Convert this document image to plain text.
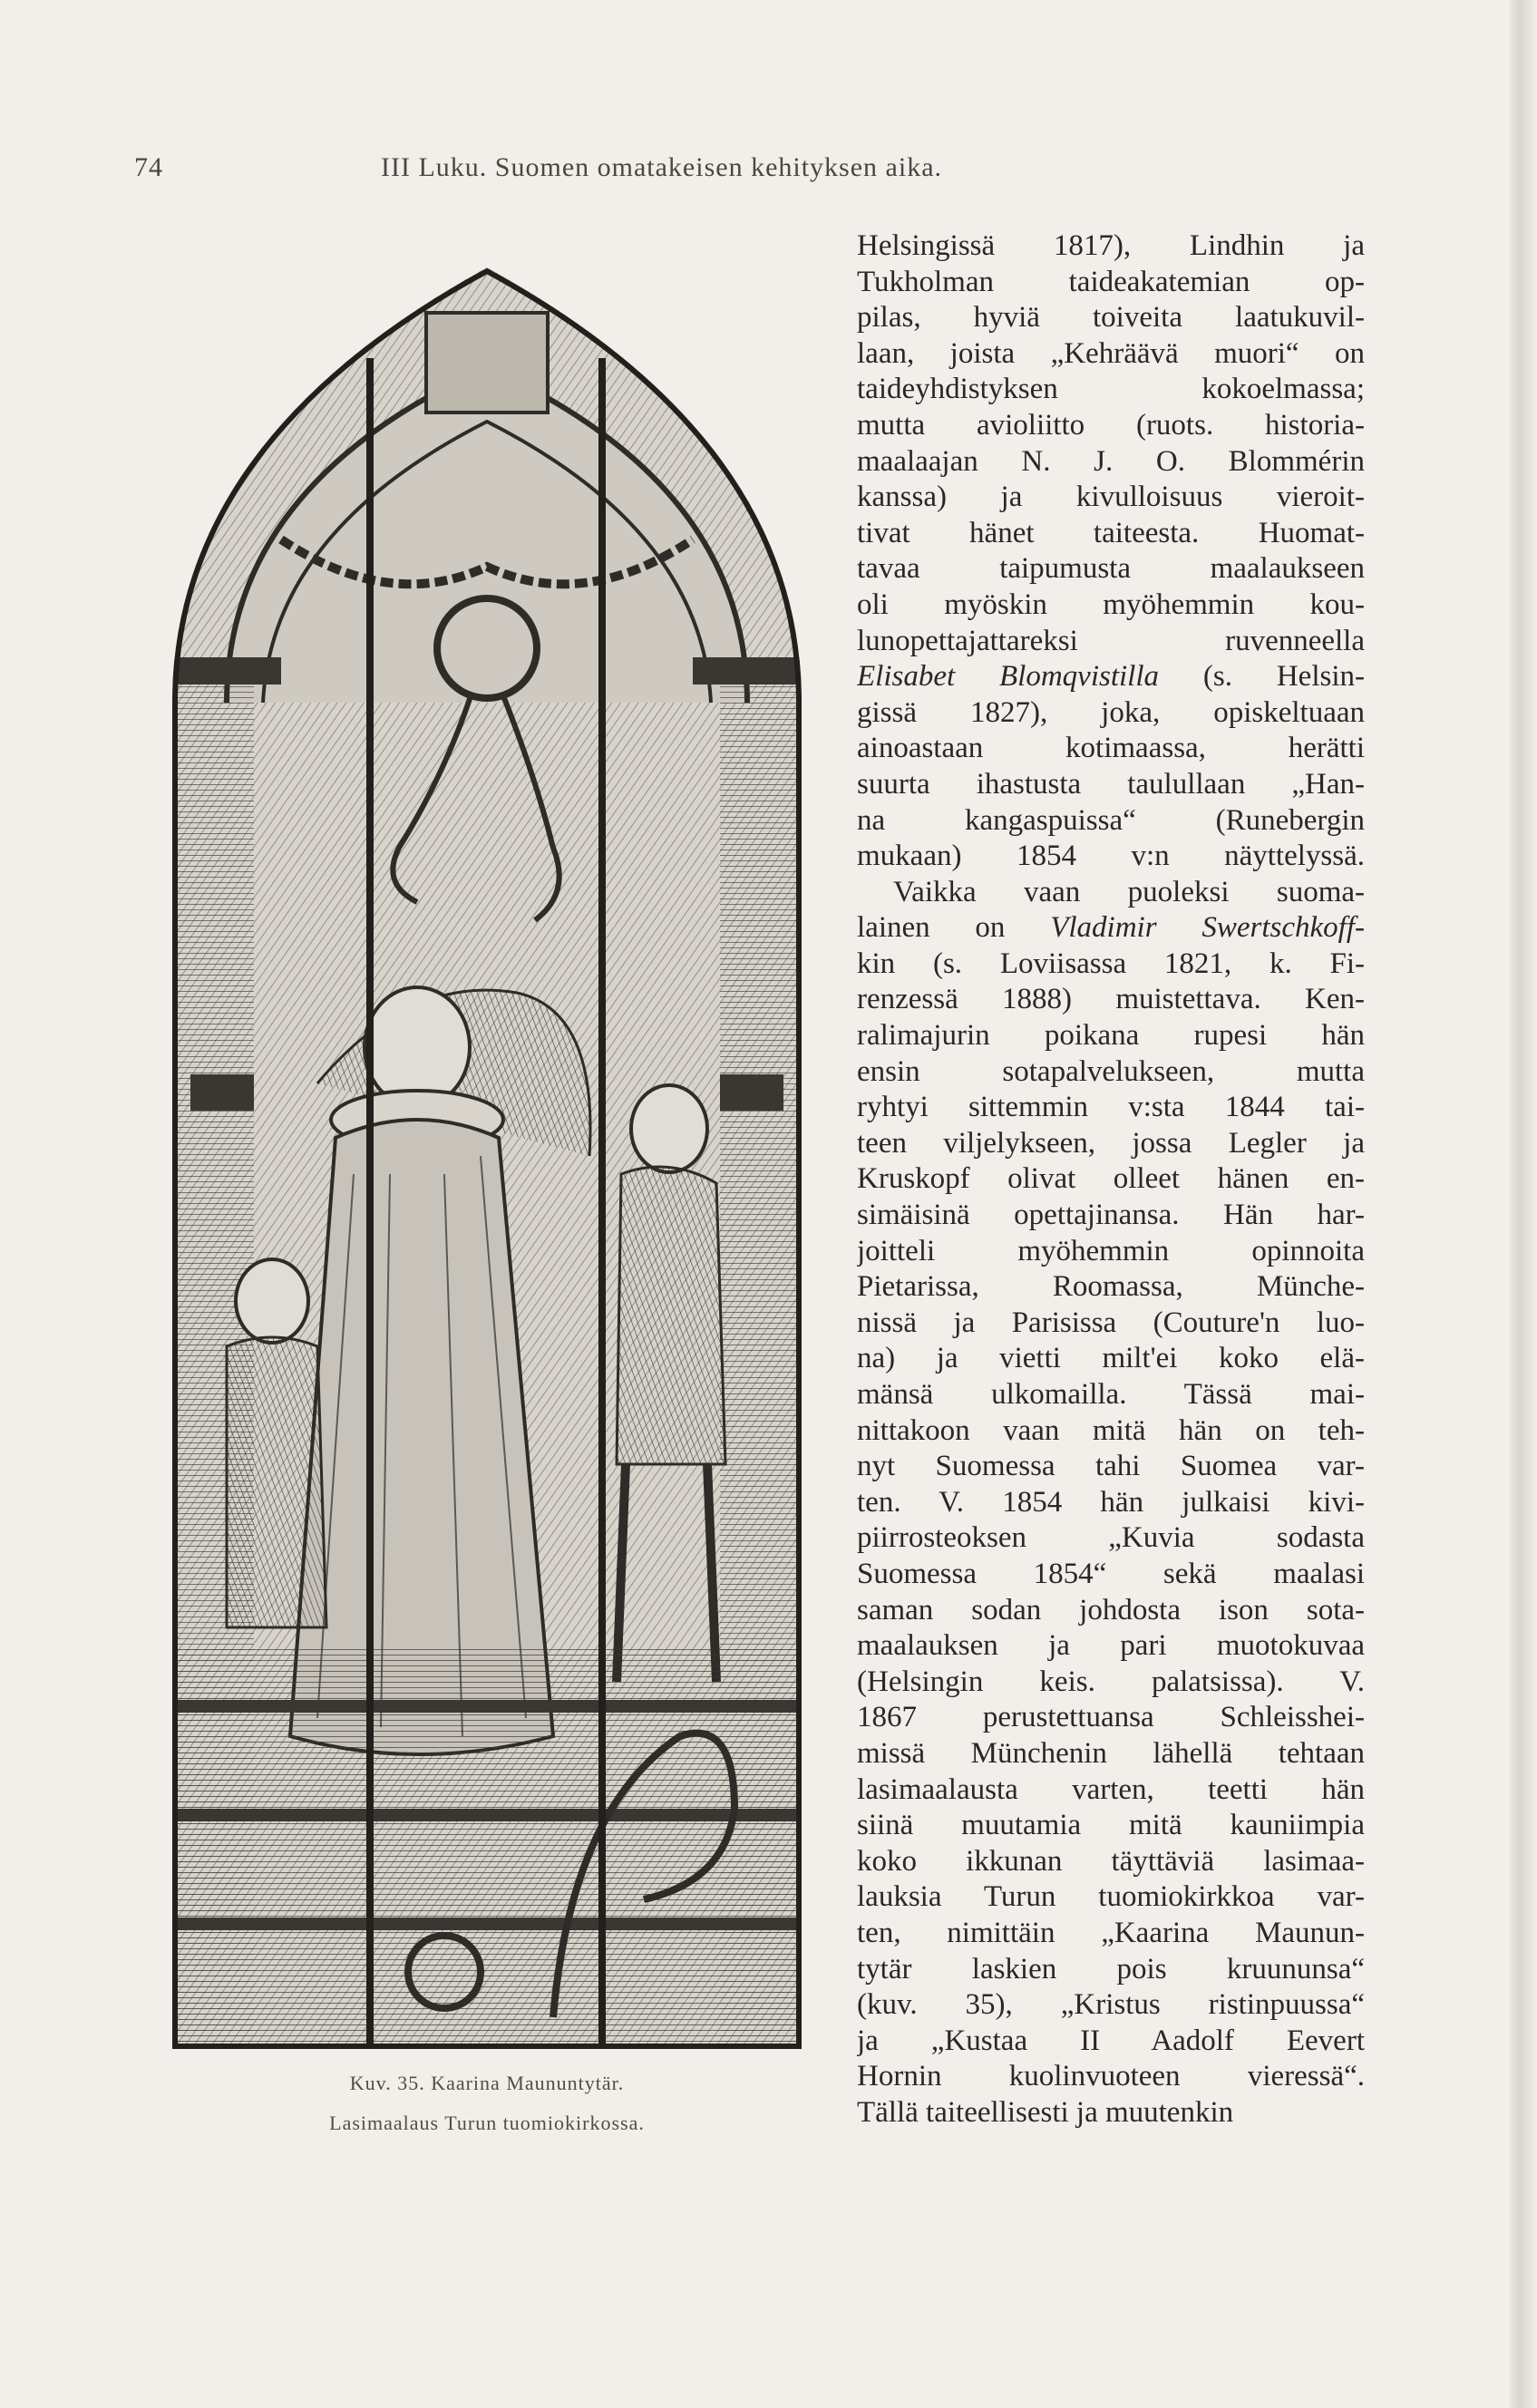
74	III Luku. Suomen omatakeisen kehityksen aika.
Kuv. 35. Kaarina Maununtytär.
Lasimaalaus Turun tuomiokirkossa.
Helsingissä 1817), Lindhin ja
Tukholman taideakatemian op-
pilas, hyviä toiveita laatukuvil-
laan, joista „Kehräävä muori“ on
taideyhdistyksen kokoelmassa;
mutta avioliitto (ruots. historia-
maalaajan N. J. O. Blommérin
kanssa) ja kivulloisuus vieroit-
tivat hänet taiteesta. Huomat-
tavaa taipumusta maalaukseen
oli myöskin myöhemmin kou-
lunopettajattareksi ruvenneella
Elisabet Blomqvistilla (s. Helsin-
gissä 1827), joka, opiskeltuaan
ainoastaan kotimaassa, herätti
suurta ihastusta taulullaan „Han-
na kangaspuissa“ (Runebergin
mukaan) 1854 v:n näyttelyssä.
Vaikka vaan puoleksi suoma-
lainen on Vladimir Swertschkoff-
kin (s. Loviisassa 1821, k. Fi-
renzessä 1888) muistettava. Ken-
ralimajurin poikana rupesi hän
ensin sotapalvelukseen, mutta
ryhtyi sittemmin v:sta 1844 tai-
teen viljelykseen, jossa Legler ja
Kruskopf olivat olleet hänen en-
simäisinä opettajinansa. Hän har-
joitteli myöhemmin opinnoita
Pietarissa, Roomassa, Münche-
nissä ja Parisissa (Couture'n luo-
na) ja vietti milt'ei koko elä-
mänsä ulkomailla. Tässä mai-
nittakoon vaan mitä hän on teh-
nyt Suomessa tahi Suomea var-
ten. V. 1854 hän julkaisi kivi-
piirrosteoksen „Kuvia sodasta
Suomessa 1854“ sekä maalasi
saman sodan johdosta ison sota-
maalauksen ja pari muotokuvaa
(Helsingin keis. palatsissa). V.
1867 perustettuansa Schleisshei-
missä Münchenin lähellä tehtaan
lasimaalausta varten, teetti hän
siinä muutamia mitä kauniimpia
koko ikkunan täyttäviä lasimaa-
lauksia Turun tuomiokirkkoa var-
ten, nimittäin „Kaarina Maunun-
tytär laskien pois kruununsa“
(kuv. 35), „Kristus ristinpuussa“
ja „Kustaa II Aadolf Eevert
Hornin kuolinvuoteen vieressä“.
Tällä taiteellisesti ja muutenkin
